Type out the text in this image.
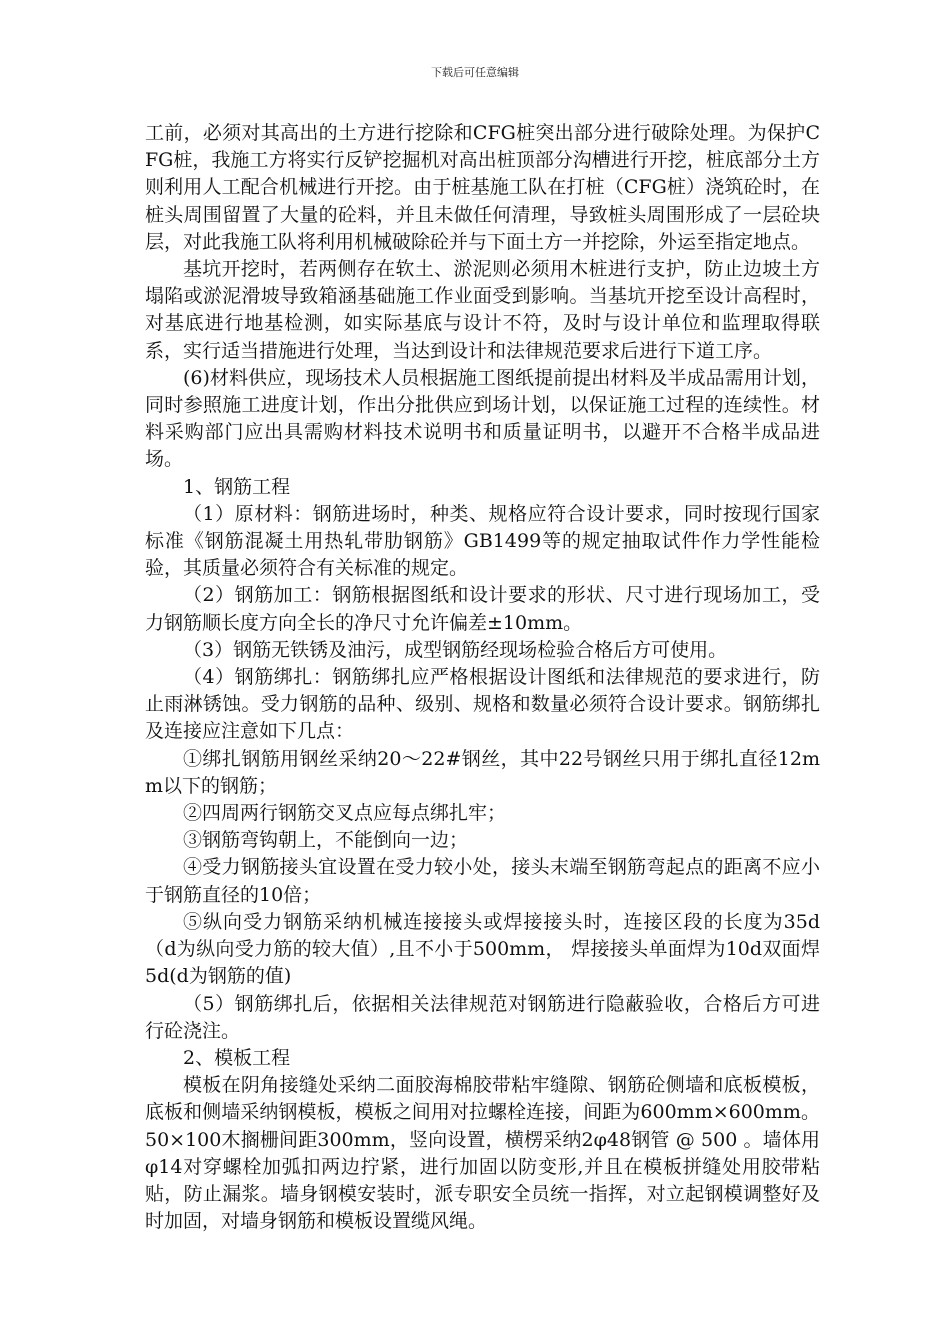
下载后可任意编辑

工前，必须对其高出的土方进行挖除和CFG桩突出部分进行破除处理。为保护CFG桩，我施工方将实行反铲挖掘机对高出桩顶部分沟槽进行开挖，桩底部分土方则利用人工配合机械进行开挖。由于桩基施工队在打桩（CFG桩）浇筑砼时，在桩头周围留置了大量的砼料，并且未做任何清理，导致桩头周围形成了一层砼块层，对此我施工队将利用机械破除砼并与下面土方一并挖除，外运至指定地点。

基坑开挖时，若两侧存在软土、淤泥则必须用木桩进行支护，防止边坡土方塌陷或淤泥滑坡导致箱涵基础施工作业面受到影响。当基坑开挖至设计高程时，对基底进行地基检测，如实际基底与设计不符，及时与设计单位和监理取得联系，实行适当措施进行处理，当达到设计和法律规范要求后进行下道工序。

(6)材料供应，现场技术人员根据施工图纸提前提出材料及半成品需用计划，同时参照施工进度计划，作出分批供应到场计划，以保证施工过程的连续性。材料采购部门应出具需购材料技术说明书和质量证明书，以避开不合格半成品进场。

1、钢筋工程

（1）原材料：钢筋进场时，种类、规格应符合设计要求，同时按现行国家标准《钢筋混凝土用热轧带肋钢筋》GB1499等的规定抽取试件作力学性能检验，其质量必须符合有关标准的规定。

（2）钢筋加工：钢筋根据图纸和设计要求的形状、尺寸进行现场加工，受力钢筋顺长度方向全长的净尺寸允许偏差±10mm。

（3）钢筋无铁锈及油污，成型钢筋经现场检验合格后方可使用。

（4）钢筋绑扎：钢筋绑扎应严格根据设计图纸和法律规范的要求进行，防止雨淋锈蚀。受力钢筋的品种、级别、规格和数量必须符合设计要求。钢筋绑扎及连接应注意如下几点：

①绑扎钢筋用钢丝采纳20～22#钢丝，其中22号钢丝只用于绑扎直径12mm以下的钢筋；

②四周两行钢筋交叉点应每点绑扎牢；

③钢筋弯钩朝上，不能倒向一边；

④受力钢筋接头宜设置在受力较小处，接头末端至钢筋弯起点的距离不应小于钢筋直径的10倍；

⑤纵向受力钢筋采纳机械连接接头或焊接接头时，连接区段的长度为35d（d为纵向受力筋的较大值）,且不小于500mm， 焊接接头单面焊为10d双面焊5d(d为钢筋的值)

（5）钢筋绑扎后，依据相关法律规范对钢筋进行隐蔽验收，合格后方可进行砼浇注。

2、模板工程

模板在阴角接缝处采纳二面胶海棉胶带粘牢缝隙、钢筋砼侧墙和底板模板，底板和侧墙采纳钢模板，模板之间用对拉螺栓连接，间距为600mm×600mm。50×100木搁栅间距300mm，竖向设置，横楞采纳2φ48钢管 @ 500 。墙体用 φ14对穿螺栓加弧扣两边拧紧，进行加固以防变形,并且在模板拼缝处用胶带粘贴，防止漏浆。墙身钢模安装时，派专职安全员统一指挥，对立起钢模调整好及时加固，对墙身钢筋和模板设置缆风绳。
